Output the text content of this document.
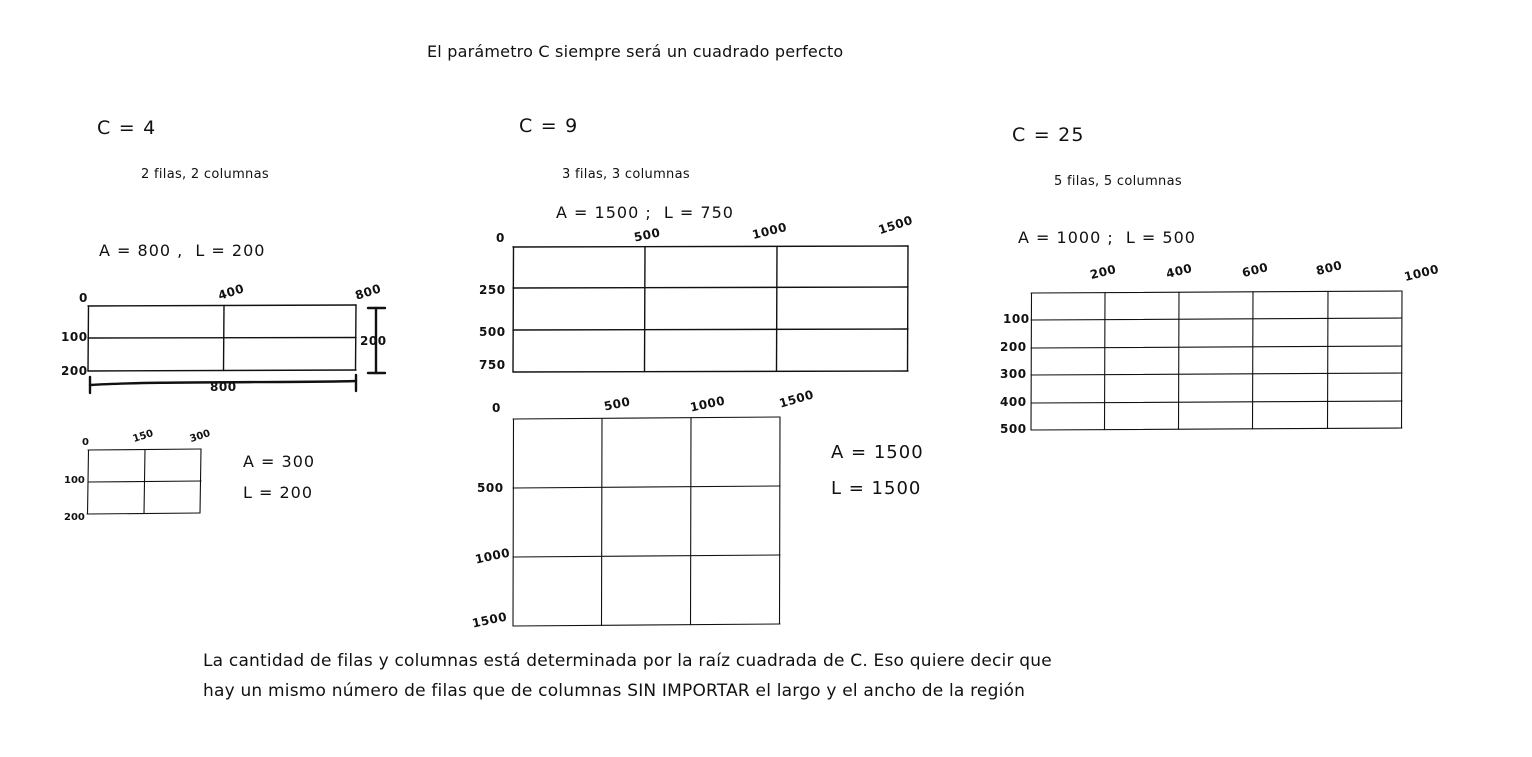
El parámetro C siempre será un cuadrado perfecto
C = 4
2 filas, 2 columnas
A = 800 ,  L = 200
0	400	800
100
200
800
200
0	150	300
100
200
A = 300
L = 200
C = 9
3 filas, 3 columnas
A = 1500 ;  L = 750
0	500	1000	1500
250
500
750
0	500	1000	1500
500
1000
1500
A = 1500
L = 1500
C = 25
5 filas, 5 columnas
A = 1000 ;  L = 500
200	400	600	800	1000
100
200
300
400
500
La cantidad de filas y columnas está determinada por la raíz cuadrada de C. Eso quiere decir que
hay un mismo número de filas que de columnas SIN IMPORTAR el largo y el ancho de la región
